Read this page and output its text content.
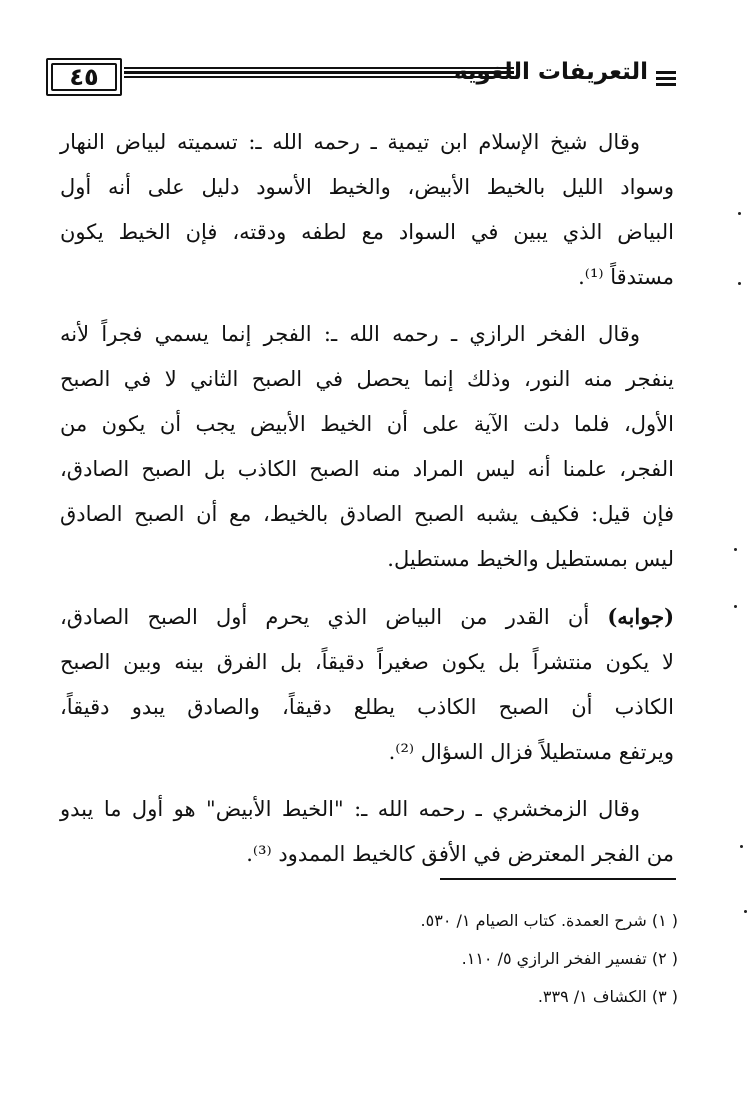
٤٥	التعريفات اللغوية
وقال شيخ الإسلام ابن تيمية ـ رحمه الله ـ: تسميته لبياض النهار
وسواد الليل بالخيط الأبيض، والخيط الأسود دليل على أنه أول
البياض الذي يبين في السواد مع لطفه ودقته، فإن الخيط يكون
مستدقاً ⁽¹⁾.
وقال الفخر الرازي ـ رحمه الله ـ: الفجر إنما يسمي فجراً لأنه
ينفجر منه النور، وذلك إنما يحصل في الصبح الثاني لا في الصبح
الأول، فلما دلت الآية على أن الخيط الأبيض يجب أن يكون من
الفجر، علمنا أنه ليس المراد منه الصبح الكاذب بل الصبح الصادق،
فإن قيل: فكيف يشبه الصبح الصادق بالخيط، مع أن الصبح الصادق
ليس بمستطيل والخيط مستطيل.
(جوابه) أن القدر من البياض الذي يحرم أول الصبح الصادق،
لا يكون منتشراً بل يكون صغيراً دقيقاً، بل الفرق بينه وبين الصبح
الكاذب أن الصبح الكاذب يطلع دقيقاً، والصادق يبدو دقيقاً،
ويرتفع مستطيلاً فزال السؤال ⁽²⁾.
وقال الزمخشري ـ رحمه الله ـ: "الخيط الأبيض" هو أول ما يبدو
من الفجر المعترض في الأفق كالخيط الممدود ⁽³⁾.
( ١) شرح العمدة. كتاب الصيام ١/ ٥٣٠.
( ٢) تفسير الفخر الرازي ٥/ ١١٠.
( ٣) الكشاف ١/ ٣٣٩.
